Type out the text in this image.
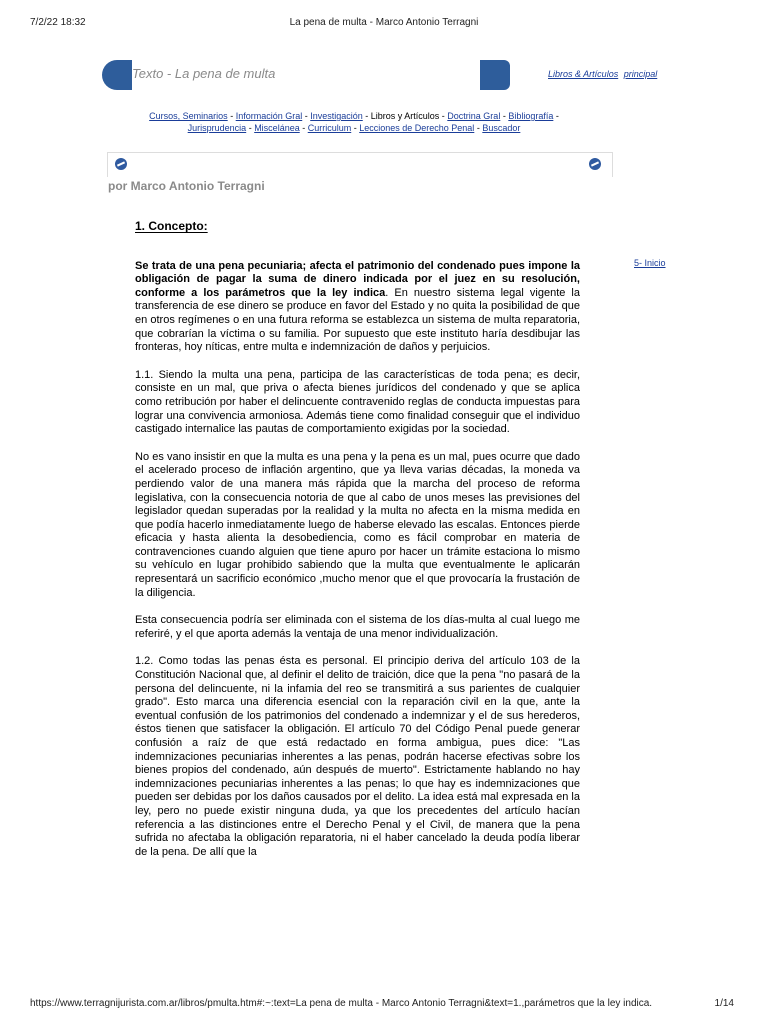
7/2/22 18:32	La pena de multa - Marco Antonio Terragni
Texto - La pena de multa	Libros & Artículos principal
Cursos, Seminarios - Información Gral - Investigación - Libros y Artículos - Doctrina Gral - Bibliografía - Jurisprudencia - Miscelánea - Curriculum - Lecciones de Derecho Penal - Buscador
por Marco Antonio Terragni
5- Inicio
1. Concepto:

Se trata de una pena pecuniaria; afecta el patrimonio del condenado pues impone la obligación de pagar la suma de dinero indicada por el juez en su resolución, conforme a los parámetros que la ley indica. En nuestro sistema legal vigente la transferencia de ese dinero se produce en favor del Estado y no quita la posibilidad de que en otros regímenes o en una futura reforma se establezca un sistema de multa reparatoria, que cobrarían la víctima o su familia. Por supuesto que este instituto haría desdibujar las fronteras, hoy níticas, entre multa e indemnización de daños y perjuicios.

1.1. Siendo la multa una pena, participa de las características de toda pena; es decir, consiste en un mal, que priva o afecta bienes jurídicos del condenado y que se aplica como retribución por haber el delincuente contravenido reglas de conducta impuestas para lograr una convivencia armoniosa. Además tiene como finalidad conseguir que el individuo castigado internalice las pautas de comportamiento exigidas por la sociedad.

No es vano insistir en que la multa es una pena y la pena es un mal, pues ocurre que dado el acelerado proceso de inflación argentino, que ya lleva varias décadas, la moneda va perdiendo valor de una manera más rápida que la marcha del proceso de reforma legislativa, con la consecuencia notoria de que al cabo de unos meses las previsiones del legislador quedan superadas por la realidad y la multa no afecta en la misma medida en que podía hacerlo inmediatamente luego de haberse elevado las escalas. Entonces pierde eficacia y hasta alienta la desobediencia, como es fácil comprobar en materia de contravenciones cuando alguien que tiene apuro por hacer un trámite estaciona lo mismo su vehículo en lugar prohibido sabiendo que la multa que eventualmente le aplicarán representará un sacrificio económico ,mucho menor que el que provocaría la frustación de la diligencia.

Esta consecuencia podría ser eliminada con el sistema de los días-multa al cual luego me referiré, y el que aporta además la ventaja de una menor individualización.

1.2. Como todas las penas ésta es personal. El principio deriva del artículo 103 de la Constitución Nacional que, al definir el delito de traición, dice que la pena "no pasará de la persona del delincuente, ni la infamia del reo se transmitirá a sus parientes de cualquier grado". Esto marca una diferencia esencial con la reparación civil en la que, ante la eventual confusión de los patrimonios del condenado a indemnizar y el de sus herederos, éstos tienen que satisfacer la obligación. El artículo 70 del Código Penal puede generar confusión a raíz de que está redactado en forma ambigua, pues dice: "Las indemnizaciones pecuniarias inherentes a las penas, podrán hacerse efectivas sobre los bienes propios del condenado, aún después de muerto". Estrictamente hablando no hay indemnizaciones pecuniarias inherentes a las penas; lo que hay es indemnizaciones que pueden ser debidas por los daños causados por el delito. La idea está mal expresada en la ley, pero no puede existir ninguna duda, ya que los precedentes del artículo hacían referencia a las distinciones entre el Derecho Penal y el Civil, de manera que la pena sufrida no afectaba la obligación reparatoria, ni el haber cancelado la deuda podía liberar de la pena. De allí que la

https://www.terragnijurista.com.ar/libros/pmulta.htm#:~:text=La pena de multa - Marco Antonio Terragni&text=1.,parámetros que la ley indica.	1/14
